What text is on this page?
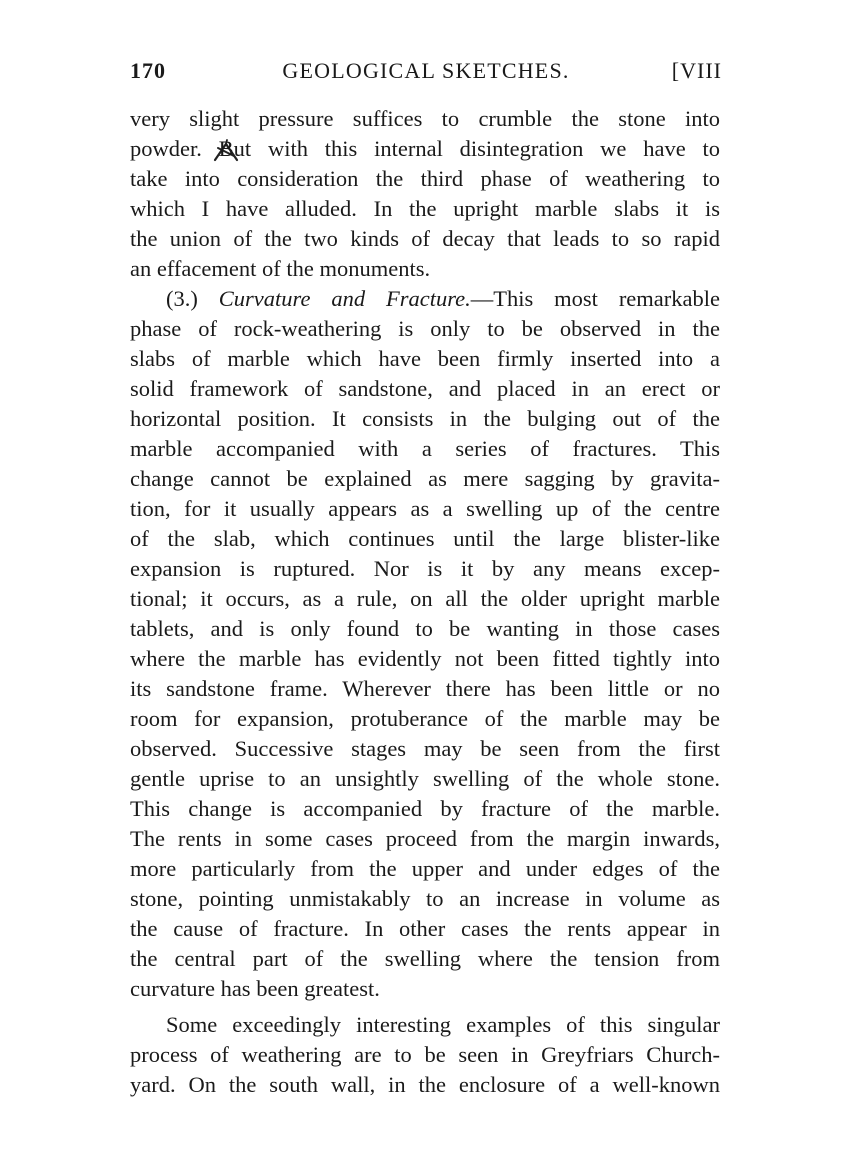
170	GEOLOGICAL SKETCHES.	[VIII
very slight pressure suffices to crumble the stone into
powder. But with this internal disintegration we have to
take into consideration the third phase of weathering to
which I have alluded. In the upright marble slabs it is
the union of the two kinds of decay that leads to so rapid
an effacement of the monuments.
(3.) Curvature and Fracture.—This most remarkable
phase of rock-weathering is only to be observed in the
slabs of marble which have been firmly inserted into a
solid framework of sandstone, and placed in an erect or
horizontal position. It consists in the bulging out of the
marble accompanied with a series of fractures. This
change cannot be explained as mere sagging by gravita-
tion, for it usually appears as a swelling up of the centre
of the slab, which continues until the large blister-like
expansion is ruptured. Nor is it by any means excep-
tional; it occurs, as a rule, on all the older upright marble
tablets, and is only found to be wanting in those cases
where the marble has evidently not been fitted tightly into
its sandstone frame. Wherever there has been little or no
room for expansion, protuberance of the marble may be
observed. Successive stages may be seen from the first
gentle uprise to an unsightly swelling of the whole stone.
This change is accompanied by fracture of the marble.
The rents in some cases proceed from the margin inwards,
more particularly from the upper and under edges of the
stone, pointing unmistakably to an increase in volume as
the cause of fracture. In other cases the rents appear in
the central part of the swelling where the tension from
curvature has been greatest.
Some exceedingly interesting examples of this singular
process of weathering are to be seen in Greyfriars Church-
yard. On the south wall, in the enclosure of a well-known
